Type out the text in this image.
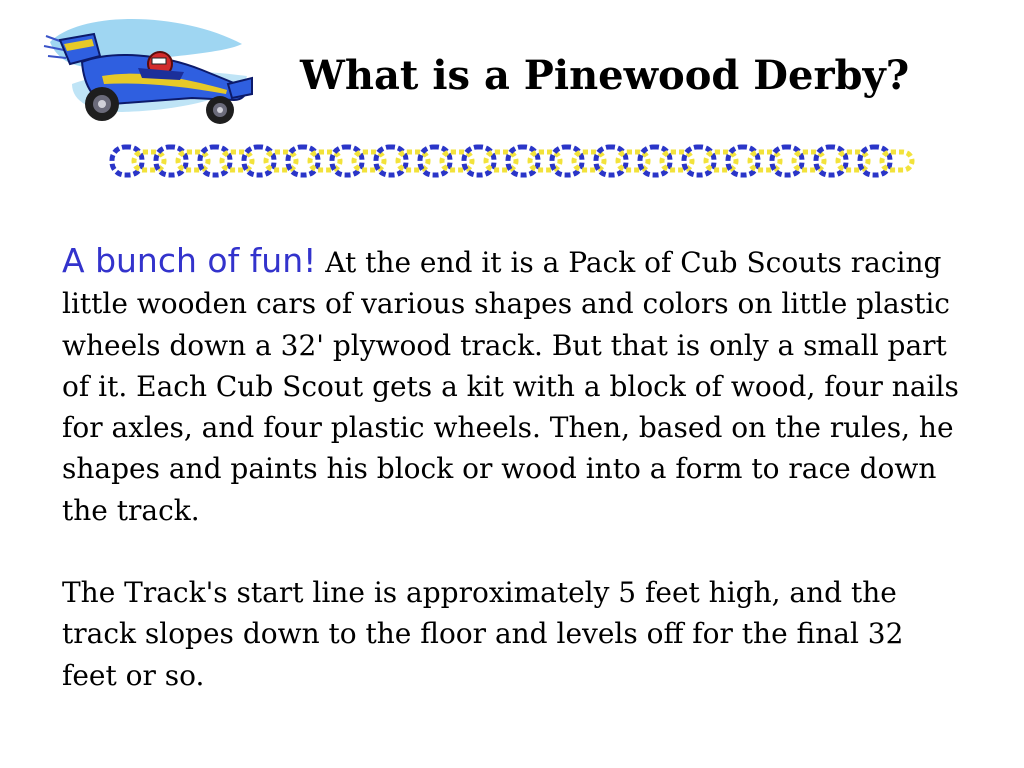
What is a Pinewood Derby?

A bunch of fun! At the end it is a Pack of Cub Scouts racing little wooden cars of various shapes and colors on little plastic wheels down a 32' plywood track. But that is only a small part of it. Each Cub Scout gets a kit with a block of wood, four nails for axles, and four plastic wheels. Then, based on the rules, he shapes and paints his block or wood into a form to race down the track.

The Track's start line is approximately 5 feet high, and the track slopes down to the floor and levels off for the final 32 feet or so.
